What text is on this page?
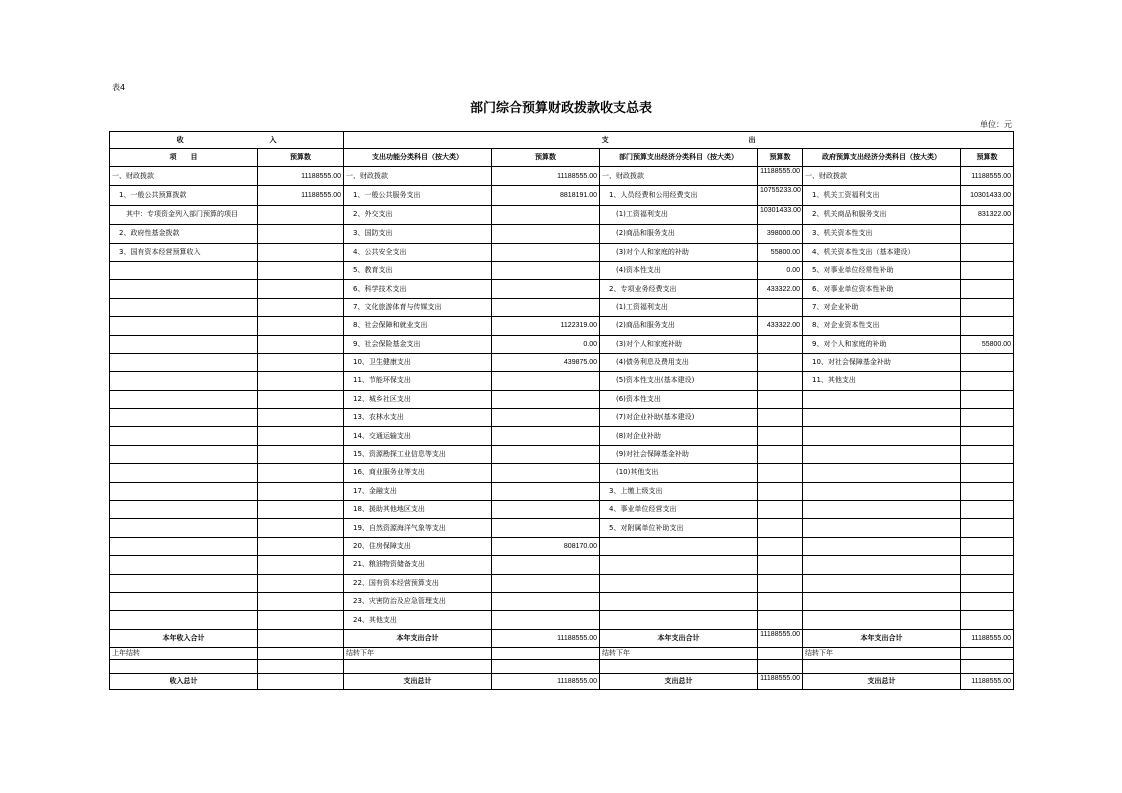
表4
部门综合预算财政拨款收支总表
单位：元
收 　　　　　　　　　 入		支 　　　　　　　　　　　　　　　 出					
项　　目	预算数	支出功能分类科目（按大类）	预算数	部门预算支出经济分类科目（按大类）	预算数	政府预算支出经济分类科目（按大类）	预算数
一、财政拨款	11188555.00	一、财政拨款	11188555.00	一、财政拨款	11188555.00	一、财政拨款	11188555.00
　1、一般公共预算拨款	11188555.00	　1、一般公共服务支出	8818191.00	　1、人员经费和公用经费支出	10755233.00	　1、机关工资福利支出	10301433.00
　　其中：专项资金列入部门预算的项目		　2、外交支出		　　(1)工资福利支出	10301433.00	　2、机关商品和服务支出	831322.00
　2、政府性基金拨款		　3、国防支出		　　(2)商品和服务支出	398000.00	　3、机关资本性支出	
　3、国有资本经营预算收入		　4、公共安全支出		　　(3)对个人和家庭的补助	55800.00	　4、机关资本性支出（基本建设）	
		　5、教育支出		　　(4)资本性支出	0.00	　5、对事业单位经常性补助	
		　6、科学技术支出		　2、专项业务经费支出	433322.00	　6、对事业单位资本性补助	
		　7、文化旅游体育与传媒支出		　　(1)工资福利支出		　7、对企业补助	
		　8、社会保障和就业支出	1122319.00	　　(2)商品和服务支出	433322.00	　8、对企业资本性支出	
		　9、社会保险基金支出	0.00	　　(3)对个人和家庭补助		　9、对个人和家庭的补助	55800.00
		　10、卫生健康支出	439875.00	　　(4)债务利息及费用支出		　10、对社会保障基金补助	
		　11、节能环保支出		　　(5)资本性支出(基本建设)		　11、其他支出	
		　12、城乡社区支出		　　(6)资本性支出			
		　13、农林水支出		　　(7)对企业补助(基本建设)			
		　14、交通运输支出		　　(8)对企业补助			
		　15、资源勘探工业信息等支出		　　(9)对社会保障基金补助			
		　16、商业服务业等支出		　　(10)其他支出			
		　17、金融支出		　3、上缴上级支出			
		　18、援助其他地区支出		　4、事业单位经营支出			
		　19、自然资源海洋气象等支出		　5、对附属单位补助支出			
		　20、住房保障支出	808170.00				
		　21、粮油物资储备支出					
		　22、国有资本经营预算支出					
		　23、灾害防治及应急管理支出					
		　24、其他支出					
本年收入合计		本年支出合计	11188555.00	本年支出合计	11188555.00	本年支出合计	11188555.00
上年结转		结转下年		结转下年		结转下年	

收入总计		支出总计	11188555.00	支出总计	11188555.00	支出总计	11188555.00
